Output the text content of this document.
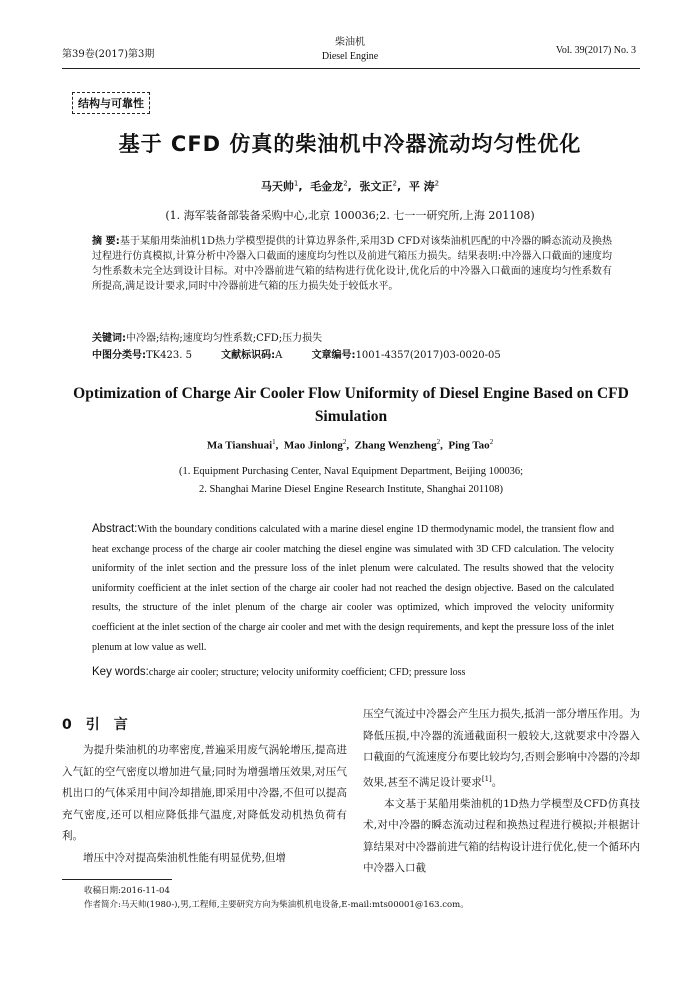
第39卷(2017)第3期
柴油机
Diesel Engine
Vol. 39(2017) No. 3
结构与可靠性
基于 CFD 仿真的柴油机中冷器流动均匀性优化
马天帅$^1$,  毛金龙$^2$,  张文正$^2$,  平 涛$^2$
(1. 海军装备部装备采购中心,北京 100036;2. 七一一研究所,上海 201108)
摘 要:基于某船用柴油机1D热力学模型提供的计算边界条件,采用3D CFD对该柴油机匹配的中冷器的瞬态流动及换热过程进行仿真模拟,计算分析中冷器入口截面的速度均匀性以及前进气箱压力损失。结果表明:中冷器入口截面的速度均匀性系数未完全达到设计目标。对中冷器前进气箱的结构进行优化设计,优化后的中冷器入口截面的速度均匀性系数有所提高,满足设计要求,同时中冷器前进气箱的压力损失处于较低水平。
关键词:中冷器;结构;速度均匀性系数;CFD;压力损失
中图分类号:TK423. 5	文献标识码:A	文章编号:1001-4357(2017)03-0020-05
Optimization of Charge Air Cooler Flow Uniformity of Diesel Engine Based on CFD Simulation
Ma Tianshuai$^1$,  Mao Jinlong$^2$,  Zhang Wenzheng$^2$,  Ping Tao$^2$
(1. Equipment Purchasing Center, Naval Equipment Department, Beijing 100036;
2. Shanghai Marine Diesel Engine Research Institute, Shanghai 201108)
Abstract:With the boundary conditions calculated with a marine diesel engine 1D thermodynamic model, the transient flow and heat exchange process of the charge air cooler matching the diesel engine was simulated with 3D CFD calculation. The velocity uniformity of the inlet section and the pressure loss of the inlet plenum were calculated. The results showed that the velocity uniformity coefficient at the inlet section of the charge air cooler had not reached the design objective. Based on the calculated results, the structure of the inlet plenum of the charge air cooler was optimized, which improved the velocity uniformity coefficient at the inlet section of the charge air cooler and met with the design requirements, and kept the pressure loss of the inlet plenum at low value as well.
Key words:charge air cooler; structure; velocity uniformity coefficient; CFD; pressure loss
0 引言

为提升柴油机的功率密度,普遍采用废气涡轮增压,提高进入气缸的空气密度以增加进气量;同时为增强增压效果,对压气机出口的气体采用中间冷却措施,即采用中冷器,不但可以提高充气密度,还可以相应降低排气温度,对降低发动机热负荷有利。

增压中冷对提高柴油机性能有明显优势,但增

压空气流过中冷器会产生压力损失,抵消一部分增压作用。为降低压损,中冷器的流通截面积一般较大,这就要求中冷器入口截面的气流速度分布要比较均匀,否则会影响中冷器的冷却效果,甚至不满足设计要求[1]。

本文基于某船用柴油机的1D热力学模型及CFD仿真技术,对中冷器的瞬态流动过程和换热过程进行模拟;并根据计算结果对中冷器前进气箱的结构设计进行优化,使一个循环内中冷器入口截

收稿日期:2016-11-04
作者简介:马天帅(1980-),男,工程师,主要研究方向为柴油机机电设备,E-mail:mts00001@163.com。
